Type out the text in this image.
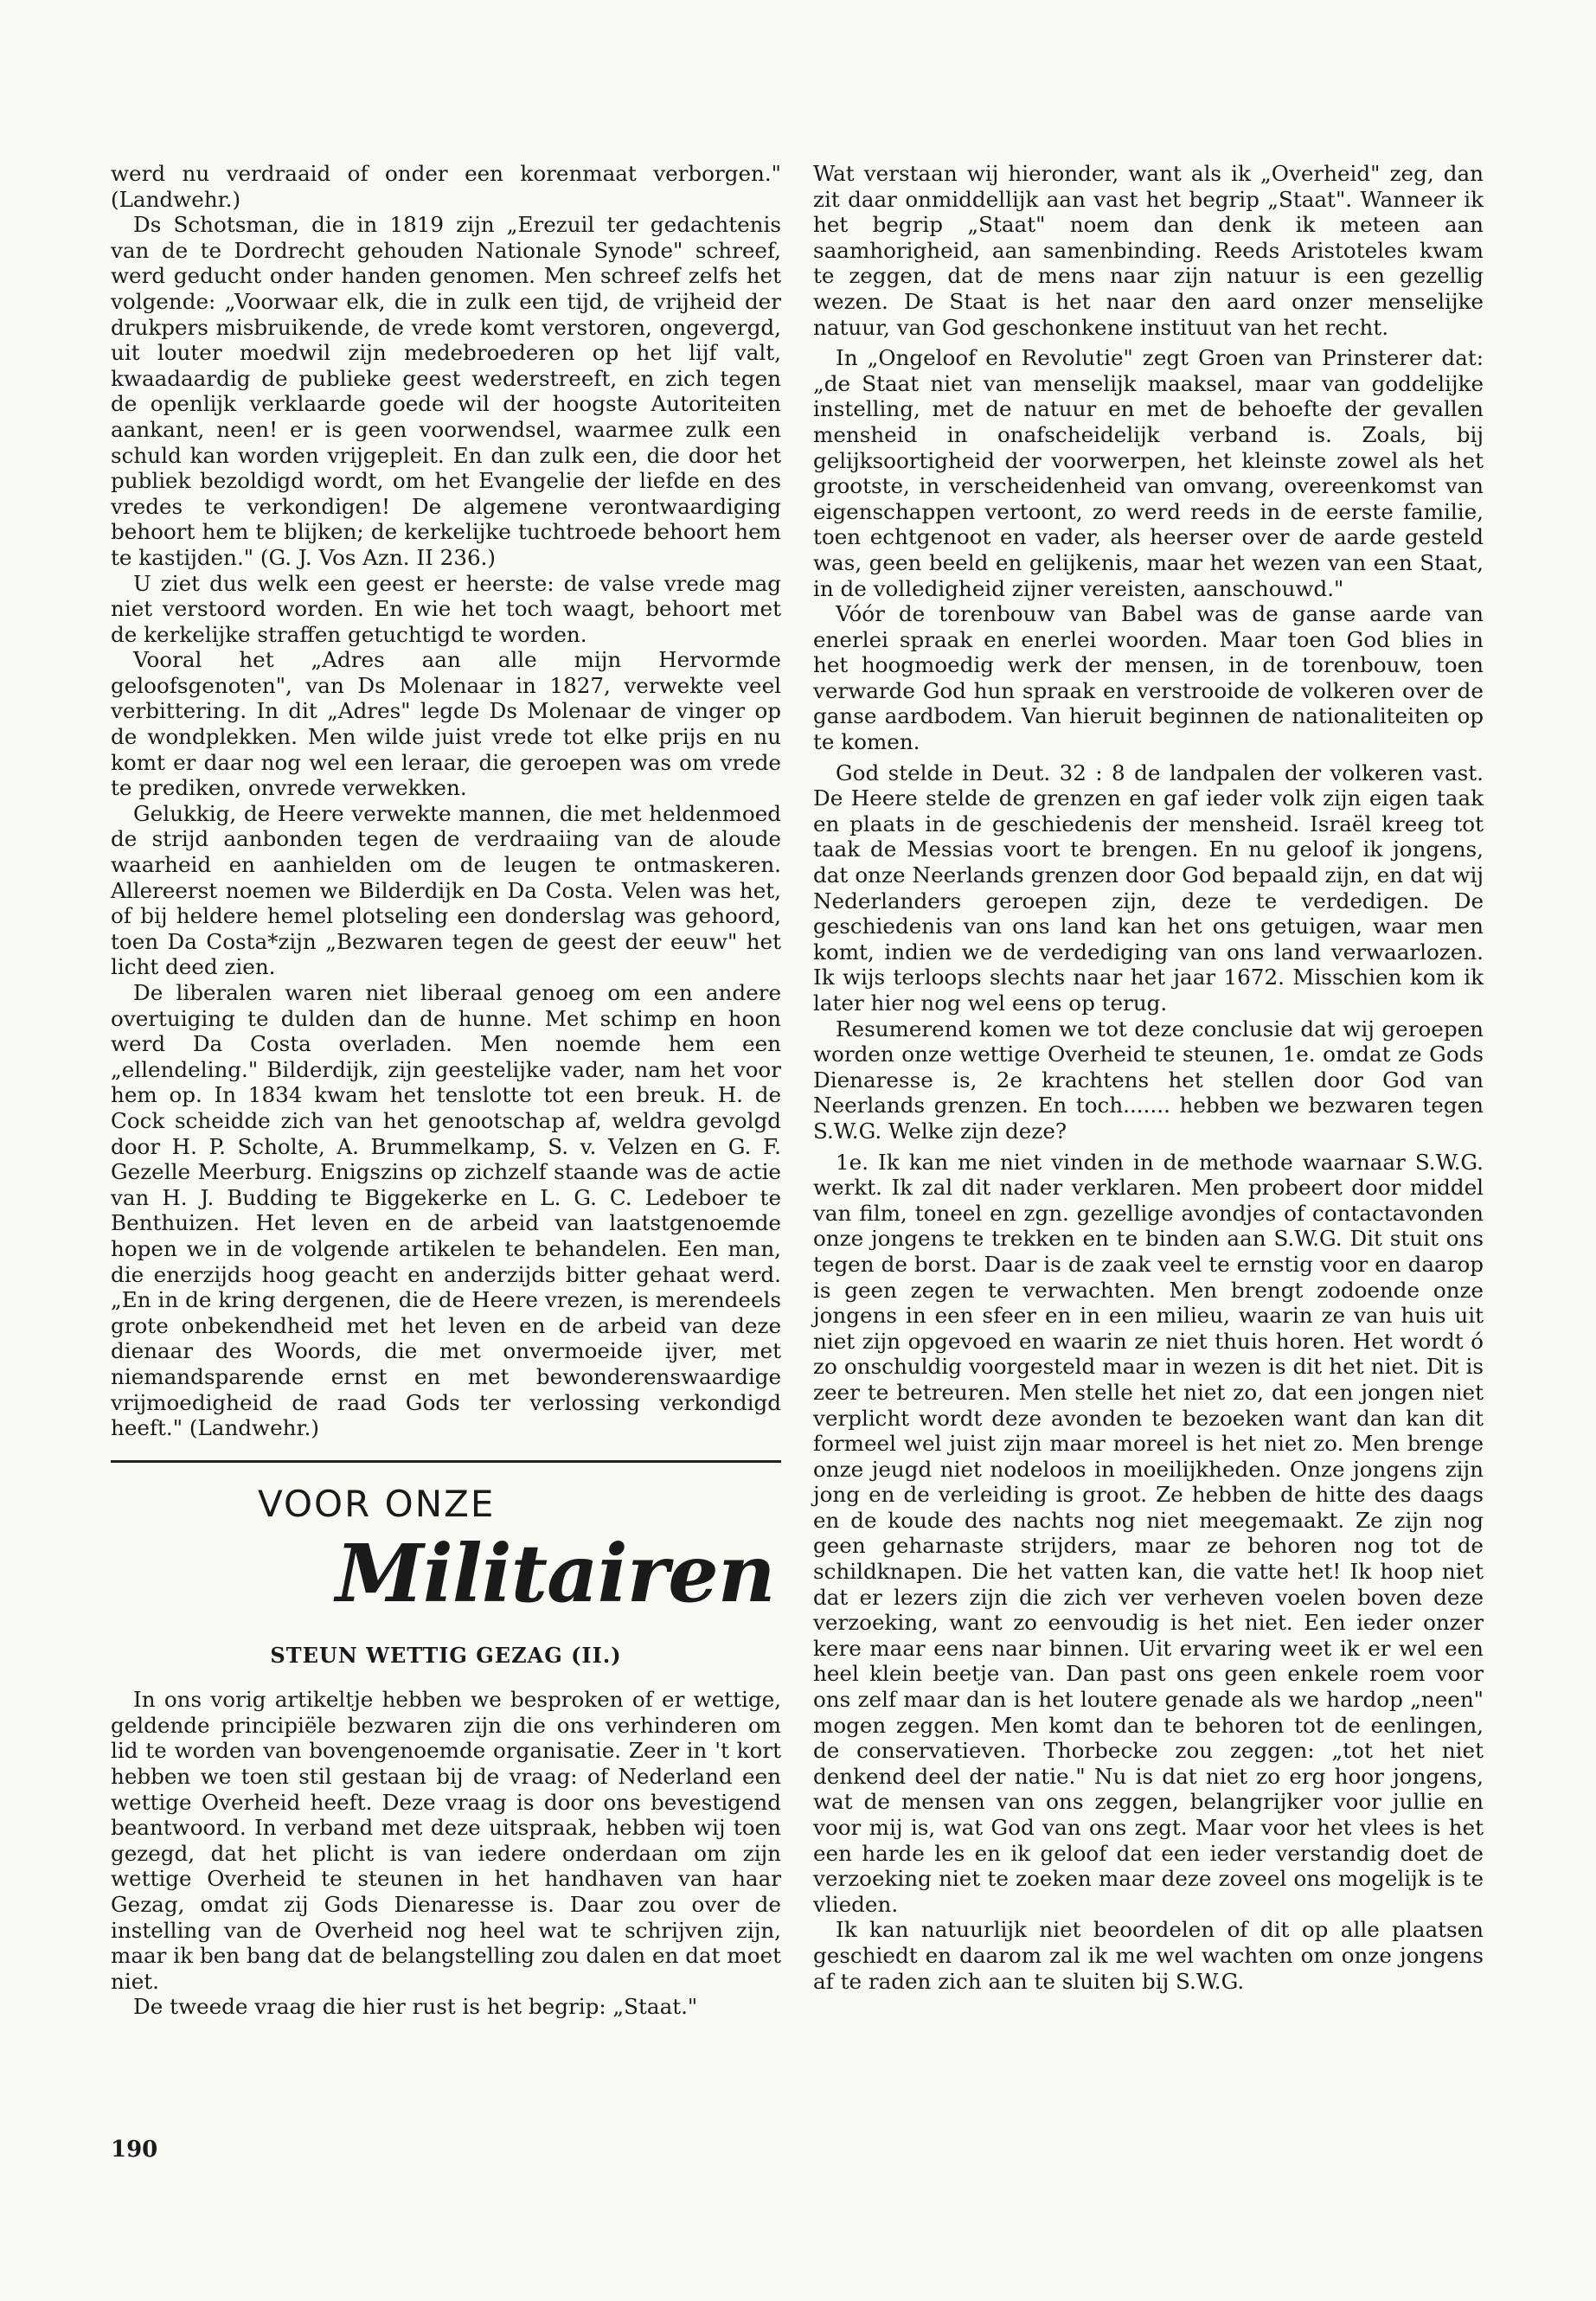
werd nu verdraaid of onder een korenmaat verborgen." (Landwehr.)

Ds Schotsman, die in 1819 zijn „Erezuil ter gedachtenis van de te Dordrecht gehouden Nationale Synode" schreef, werd geducht onder handen genomen. Men schreef zelfs het volgende: „Voorwaar elk, die in zulk een tijd, de vrijheid der drukpers misbruikende, de vrede komt verstoren, ongevergd, uit louter moedwil zijn medebroederen op het lijf valt, kwaadaardig de publieke geest wederstreeft, en zich tegen de openlijk verklaarde goede wil der hoogste Autoriteiten aankant, neen! er is geen voorwendsel, waarmee zulk een schuld kan worden vrijgepleit. En dan zulk een, die door het publiek bezoldigd wordt, om het Evangelie der liefde en des vredes te verkondigen! De algemene verontwaardiging behoort hem te blijken; de kerkelijke tuchtroede behoort hem te kastijden." (G. J. Vos Azn. II 236.)

U ziet dus welk een geest er heerste: de valse vrede mag niet verstoord worden. En wie het toch waagt, behoort met de kerkelijke straffen getuchtigd te worden.

Vooral het „Adres aan alle mijn Hervormde geloofsgenoten", van Ds Molenaar in 1827, verwekte veel verbittering. In dit „Adres" legde Ds Molenaar de vinger op de wondplekken. Men wilde juist vrede tot elke prijs en nu komt er daar nog wel een leraar, die geroepen was om vrede te prediken, onvrede verwekken.

Gelukkig, de Heere verwekte mannen, die met heldenmoed de strijd aanbonden tegen de verdraaiing van de aloude waarheid en aanhielden om de leugen te ontmaskeren. Allereerst noemen we Bilderdijk en Da Costa. Velen was het, of bij heldere hemel plotseling een donderslag was gehoord, toen Da Costa*zijn „Bezwaren tegen de geest der eeuw" het licht deed zien.

De liberalen waren niet liberaal genoeg om een andere overtuiging te dulden dan de hunne. Met schimp en hoon werd Da Costa overladen. Men noemde hem een „ellendeling." Bilderdijk, zijn geestelijke vader, nam het voor hem op. In 1834 kwam het tenslotte tot een breuk. H. de Cock scheidde zich van het genootschap af, weldra gevolgd door H. P. Scholte, A. Brummelkamp, S. v. Velzen en G. F. Gezelle Meerburg. Enigszins op zichzelf staande was de actie van H. J. Budding te Biggekerke en L. G. C. Ledeboer te Benthuizen. Het leven en de arbeid van laatstgenoemde hopen we in de volgende artikelen te behandelen. Een man, die enerzijds hoog geacht en anderzijds bitter gehaat werd. „En in de kring dergenen, die de Heere vrezen, is merendeels grote onbekendheid met het leven en de arbeid van deze dienaar des Woords, die met onvermoeide ijver, met niemandsparende ernst en met bewonderenswaardige vrijmoedigheid de raad Gods ter verlossing verkondigd heeft." (Landwehr.)

VOOR ONZE
Militairen
STEUN WETTIG GEZAG (II.)

In ons vorig artikeltje hebben we besproken of er wettige, geldende principiële bezwaren zijn die ons verhinderen om lid te worden van bovengenoemde organisatie. Zeer in 't kort hebben we toen stil gestaan bij de vraag: of Nederland een wettige Overheid heeft. Deze vraag is door ons bevestigend beantwoord. In verband met deze uitspraak, hebben wij toen gezegd, dat het plicht is van iedere onderdaan om zijn wettige Overheid te steunen in het handhaven van haar Gezag, omdat zij Gods Dienaresse is. Daar zou over de instelling van de Overheid nog heel wat te schrijven zijn, maar ik ben bang dat de belangstelling zou dalen en dat moet niet.

De tweede vraag die hier rust is het begrip: „Staat."

Wat verstaan wij hieronder, want als ik „Overheid" zeg, dan zit daar onmiddellijk aan vast het begrip „Staat". Wanneer ik het begrip „Staat" noem dan denk ik meteen aan saamhorigheid, aan samenbinding. Reeds Aristoteles kwam te zeggen, dat de mens naar zijn natuur is een gezellig wezen. De Staat is het naar den aard onzer menselijke natuur, van God geschonkene instituut van het recht.

In „Ongeloof en Revolutie" zegt Groen van Prinsterer dat: „de Staat niet van menselijk maaksel, maar van goddelijke instelling, met de natuur en met de behoefte der gevallen mensheid in onafscheidelijk verband is. Zoals, bij gelijksoortigheid der voorwerpen, het kleinste zowel als het grootste, in verscheidenheid van omvang, overeenkomst van eigenschappen vertoont, zo werd reeds in de eerste familie, toen echtgenoot en vader, als heerser over de aarde gesteld was, geen beeld en gelijkenis, maar het wezen van een Staat, in de volledigheid zijner vereisten, aanschouwd."

Vóór de torenbouw van Babel was de ganse aarde van enerlei spraak en enerlei woorden. Maar toen God blies in het hoogmoedig werk der mensen, in de torenbouw, toen verwarde God hun spraak en verstrooide de volkeren over de ganse aardbodem. Van hieruit beginnen de nationaliteiten op te komen.

God stelde in Deut. 32 : 8 de landpalen der volkeren vast. De Heere stelde de grenzen en gaf ieder volk zijn eigen taak en plaats in de geschiedenis der mensheid. Israël kreeg tot taak de Messias voort te brengen. En nu geloof ik jongens, dat onze Neerlands grenzen door God bepaald zijn, en dat wij Nederlanders geroepen zijn, deze te verdedigen. De geschiedenis van ons land kan het ons getuigen, waar men komt, indien we de verdediging van ons land verwaarlozen. Ik wijs terloops slechts naar het jaar 1672. Misschien kom ik later hier nog wel eens op terug.

Resumerend komen we tot deze conclusie dat wij geroepen worden onze wettige Overheid te steunen, 1e. omdat ze Gods Dienaresse is, 2e krachtens het stellen door God van Neerlands grenzen. En toch....... hebben we bezwaren tegen S.W.G. Welke zijn deze?

1e. Ik kan me niet vinden in de methode waarnaar S.W.G. werkt. Ik zal dit nader verklaren. Men probeert door middel van film, toneel en zgn. gezellige avondjes of contactavonden onze jongens te trekken en te binden aan S.W.G. Dit stuit ons tegen de borst. Daar is de zaak veel te ernstig voor en daarop is geen zegen te verwachten. Men brengt zodoende onze jongens in een sfeer en in een milieu, waarin ze van huis uit niet zijn opgevoed en waarin ze niet thuis horen. Het wordt ó zo onschuldig voorgesteld maar in wezen is dit het niet. Dit is zeer te betreuren. Men stelle het niet zo, dat een jongen niet verplicht wordt deze avonden te bezoeken want dan kan dit formeel wel juist zijn maar moreel is het niet zo. Men brenge onze jeugd niet nodeloos in moeilijkheden. Onze jongens zijn jong en de verleiding is groot. Ze hebben de hitte des daags en de koude des nachts nog niet meegemaakt. Ze zijn nog geen geharnaste strijders, maar ze behoren nog tot de schildknapen. Die het vatten kan, die vatte het! Ik hoop niet dat er lezers zijn die zich ver verheven voelen boven deze verzoeking, want zo eenvoudig is het niet. Een ieder onzer kere maar eens naar binnen. Uit ervaring weet ik er wel een heel klein beetje van. Dan past ons geen enkele roem voor ons zelf maar dan is het loutere genade als we hardop „neen" mogen zeggen. Men komt dan te behoren tot de eenlingen, de conservatieven. Thorbecke zou zeggen: „tot het niet denkend deel der natie." Nu is dat niet zo erg hoor jongens, wat de mensen van ons zeggen, belangrijker voor jullie en voor mij is, wat God van ons zegt. Maar voor het vlees is het een harde les en ik geloof dat een ieder verstandig doet de verzoeking niet te zoeken maar deze zoveel ons mogelijk is te vlieden.

Ik kan natuurlijk niet beoordelen of dit op alle plaatsen geschiedt en daarom zal ik me wel wachten om onze jongens af te raden zich aan te sluiten bij S.W.G.

190
